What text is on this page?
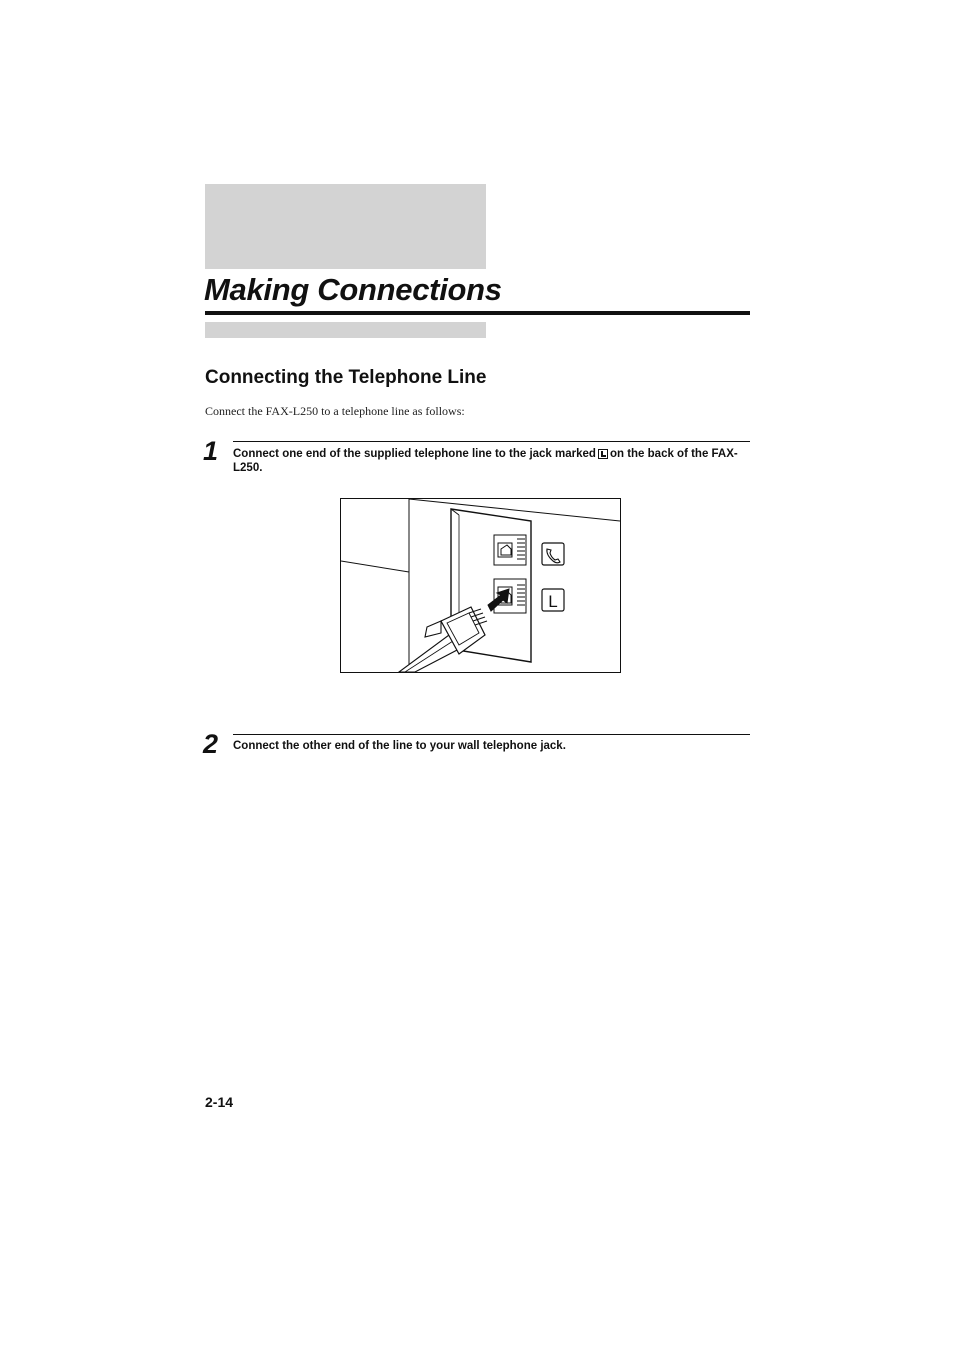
Making Connections
Connecting the Telephone Line

Connect the FAX-L250 to a telephone line as follows:

1 Connect one end of the supplied telephone line to the jack marked on the back of the FAX-L250.

L
2 Connect the other end of the line to your wall telephone jack.

2-14
